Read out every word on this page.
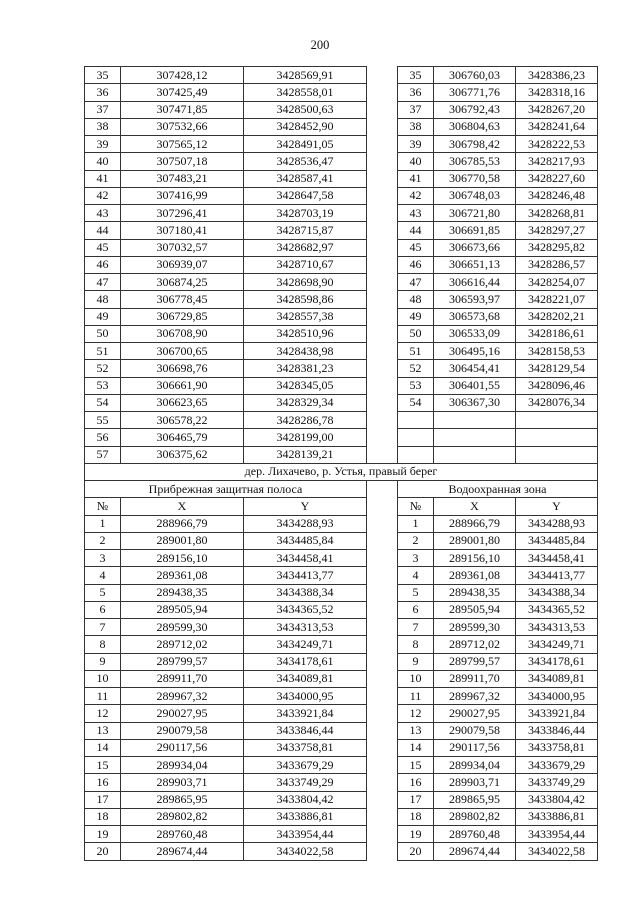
200
35	307428,12	3428569,91		35	306760,03	3428386,23
36	307425,49	3428558,01		36	306771,76	3428318,16
37	307471,85	3428500,63		37	306792,43	3428267,20
38	307532,66	3428452,90		38	306804,63	3428241,64
39	307565,12	3428491,05		39	306798,42	3428222,53
40	307507,18	3428536,47		40	306785,53	3428217,93
41	307483,21	3428587,41		41	306770,58	3428227,60
42	307416,99	3428647,58		42	306748,03	3428246,48
43	307296,41	3428703,19		43	306721,80	3428268,81
44	307180,41	3428715,87		44	306691,85	3428297,27
45	307032,57	3428682,97		45	306673,66	3428295,82
46	306939,07	3428710,67		46	306651,13	3428286,57
47	306874,25	3428698,90		47	306616,44	3428254,07
48	306778,45	3428598,86		48	306593,97	3428221,07
49	306729,85	3428557,38		49	306573,68	3428202,21
50	306708,90	3428510,96		50	306533,09	3428186,61
51	306700,65	3428438,98		51	306495,16	3428158,53
52	306698,76	3428381,23		52	306454,41	3428129,54
53	306661,90	3428345,05		53	306401,55	3428096,46
54	306623,65	3428329,34		54	306367,30	3428076,34
55	306578,22	3428286,78				
56	306465,79	3428199,00				
57	306375,62	3428139,21				
дер. Лихачево, р. Устья, правый берег						
Прибрежная защитная полоса				Водоохранная зона		
№	X	Y		№	X	Y
1	288966,79	3434288,93		1	288966,79	3434288,93
2	289001,80	3434485,84		2	289001,80	3434485,84
3	289156,10	3434458,41		3	289156,10	3434458,41
4	289361,08	3434413,77		4	289361,08	3434413,77
5	289438,35	3434388,34		5	289438,35	3434388,34
6	289505,94	3434365,52		6	289505,94	3434365,52
7	289599,30	3434313,53		7	289599,30	3434313,53
8	289712,02	3434249,71		8	289712,02	3434249,71
9	289799,57	3434178,61		9	289799,57	3434178,61
10	289911,70	3434089,81		10	289911,70	3434089,81
11	289967,32	3434000,95		11	289967,32	3434000,95
12	290027,95	3433921,84		12	290027,95	3433921,84
13	290079,58	3433846,44		13	290079,58	3433846,44
14	290117,56	3433758,81		14	290117,56	3433758,81
15	289934,04	3433679,29		15	289934,04	3433679,29
16	289903,71	3433749,29		16	289903,71	3433749,29
17	289865,95	3433804,42		17	289865,95	3433804,42
18	289802,82	3433886,81		18	289802,82	3433886,81
19	289760,48	3433954,44		19	289760,48	3433954,44
20	289674,44	3434022,58		20	289674,44	3434022,58
